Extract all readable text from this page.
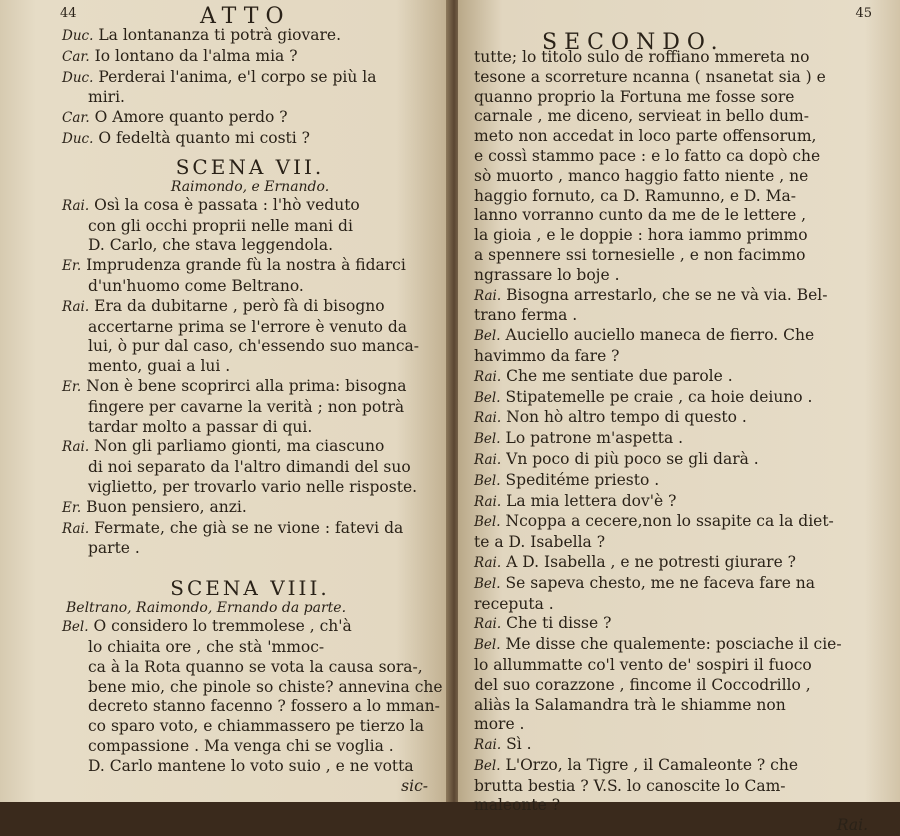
44	ATTO
Duc. La lontananza ti potrà giovare.
Car. Io lontano da l'alma mia ?
Duc. Perderai l'anima, e'l corpo se più la
miri.
Car. O Amore quanto perdo ?
Duc. O fedeltà quanto mi costi ?
SCENA VII.
Raimondo, e Ernando.
Rai. Osì la cosa è passata : l'hò veduto
con gli occhi proprii nelle mani di
D. Carlo, che stava leggendola.
Er. Imprudenza grande fù la nostra à fidarci
d'un'huomo come Beltrano.
Rai. Era da dubitarne , però fà di bisogno
accertarne prima se l'errore è venuto da
lui, ò pur dal caso, ch'essendo suo manca-
mento, guai a lui .
Er. Non è bene scoprirci alla prima: bisogna
fingere per cavarne la verità ; non potrà
tardar molto a passar di qui.
Rai. Non gli parliamo gionti, ma ciascuno
di noi separato da l'altro dimandi del suo
viglietto, per trovarlo vario nelle risposte.
Er. Buon pensiero, anzi.
Rai. Fermate, che già se ne vione : fatevi da
parte .
SCENA VIII.
Beltrano, Raimondo, Ernando da parte.
Bel. O considero lo tremmolese , ch'à
lo chiaita ore , che stà 'mmoc-
ca à la Rota quanno se vota la causa sora-,
bene mio, che pinole so chiste? annevina che
decreto stanno facenno ? fossero a lo mman-
co sparo voto, e chiammassero pe tierzo la
compassione . Ma venga chi se voglia .
D. Carlo mantene lo voto suio , e ne votta
sic-
SECONDO.
45
tutte; lo titolo sulo de roffiano mmereta no
tesone a scorreture ncanna ( nsanetat sia ) e
quanno proprio la Fortuna me fosse sore
carnale , me diceno, servieat in bello dum-
meto non accedat in loco parte offensorum,
e cossì stammo pace : e lo fatto ca dopò che
sò muorto , manco haggio fatto niente , ne
haggio fornuto, ca D. Ramunno, e D. Ma-
lanno vorranno cunto da me de le lettere ,
la gioia , e le doppie : hora iammo primmo
a spennere ssi tornesielle , e non facimmo
ngrassare lo boje .
Rai. Bisogna arrestarlo, che se ne và via. Bel-
trano ferma .
Bel. Auciello auciello maneca de fierro. Che
havimmo da fare ?
Rai. Che me sentiate due parole .
Bel. Stipatemelle pe craie , ca hoie deiuno .
Rai. Non hò altro tempo di questo .
Bel. Lo patrone m'aspetta .
Rai. Vn poco di più poco se gli darà .
Bel. Speditéme priesto .
Rai. La mia lettera dov'è ?
Bel. Ncoppa a cecere,non lo ssapite ca la diet-
te a D. Isabella ?
Rai. A D. Isabella , e ne potresti giurare ?
Bel. Se sapeva chesto, me ne faceva fare na
receputa .
Rai. Che ti disse ?
Bel. Me disse che qualemente: posciache il cie-
lo allummatte co'l vento de' sospiri il fuoco
del suo corazzone , fincome il Coccodrillo ,
aliàs la Salamandra trà le shiamme non
more .
Rai. Sì .
Bel. L'Orzo, la Tigre , il Camaleonte ? che
brutta bestia ? V.S. lo canoscite lo Cam-
maleonte ?
Rai.
